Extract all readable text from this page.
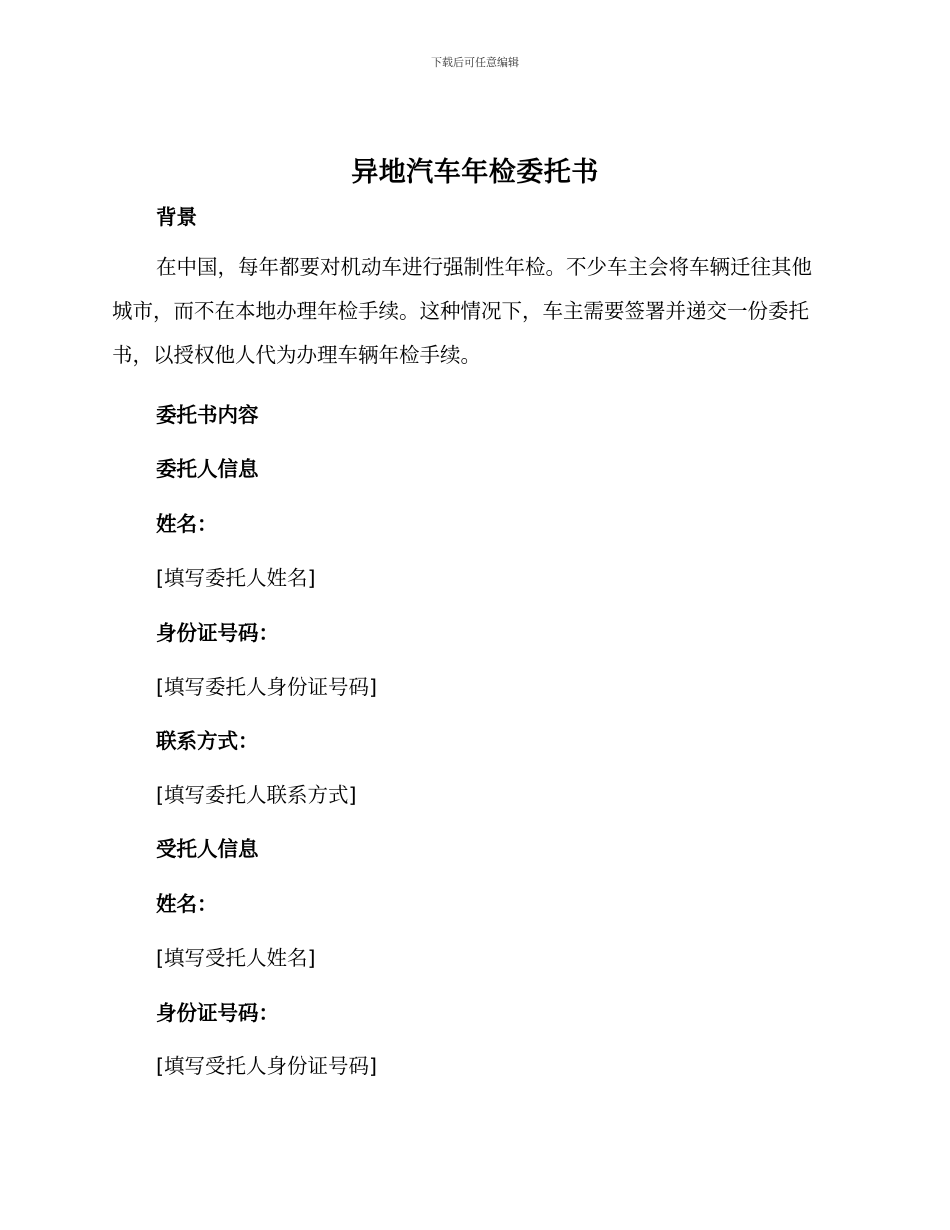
下载后可任意编辑
异地汽车年检委托书
背景
在中国，每年都要对机动车进行强制性年检。不少车主会将车辆迁往其他城市，而不在本地办理年检手续。这种情况下，车主需要签署并递交一份委托书，以授权他人代为办理车辆年检手续。
委托书内容
委托人信息
姓名：
[填写委托人姓名]
身份证号码：
[填写委托人身份证号码]
联系方式：
[填写委托人联系方式]
受托人信息
姓名：
[填写受托人姓名]
身份证号码：
[填写受托人身份证号码]
